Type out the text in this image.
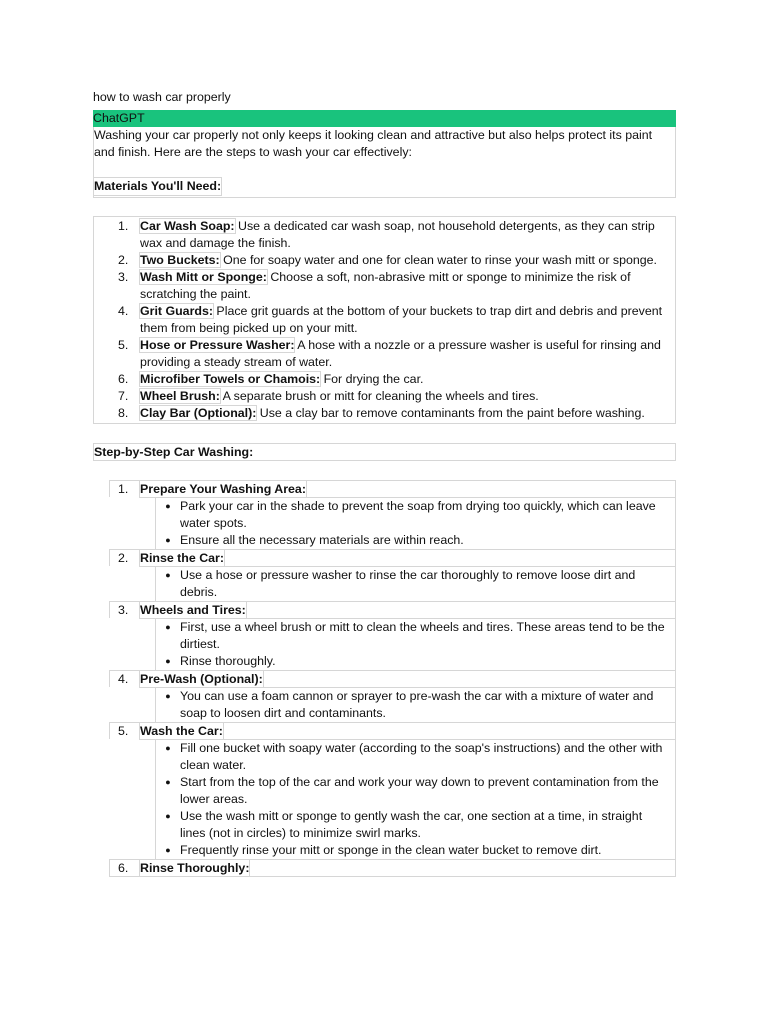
how to wash car properly
ChatGPT

Washing your car properly not only keeps it looking clean and attractive but also helps protect its paint and finish. Here are the steps to wash your car effectively:

Materials You'll Need:
1. Car Wash Soap: Use a dedicated car wash soap, not household detergents, as they can strip wax and damage the finish.
2. Two Buckets: One for soapy water and one for clean water to rinse your wash mitt or sponge.
3. Wash Mitt or Sponge: Choose a soft, non-abrasive mitt or sponge to minimize the risk of scratching the paint.
4. Grit Guards: Place grit guards at the bottom of your buckets to trap dirt and debris and prevent them from being picked up on your mitt.
5. Hose or Pressure Washer: A hose with a nozzle or a pressure washer is useful for rinsing and providing a steady stream of water.
6. Microfiber Towels or Chamois: For drying the car.
7. Wheel Brush: A separate brush or mitt for cleaning the wheels and tires.
8. Clay Bar (Optional): Use a clay bar to remove contaminants from the paint before washing.
Step-by-Step Car Washing:
1. Prepare Your Washing Area:
● Park your car in the shade to prevent the soap from drying too quickly, which can leave water spots.
● Ensure all the necessary materials are within reach.
2. Rinse the Car:
● Use a hose or pressure washer to rinse the car thoroughly to remove loose dirt and debris.
3. Wheels and Tires:
● First, use a wheel brush or mitt to clean the wheels and tires. These areas tend to be the dirtiest.
● Rinse thoroughly.
4. Pre-Wash (Optional):
● You can use a foam cannon or sprayer to pre-wash the car with a mixture of water and soap to loosen dirt and contaminants.
5. Wash the Car:
● Fill one bucket with soapy water (according to the soap's instructions) and the other with clean water.
● Start from the top of the car and work your way down to prevent contamination from the lower areas.
● Use the wash mitt or sponge to gently wash the car, one section at a time, in straight lines (not in circles) to minimize swirl marks.
● Frequently rinse your mitt or sponge in the clean water bucket to remove dirt.
6. Rinse Thoroughly:
